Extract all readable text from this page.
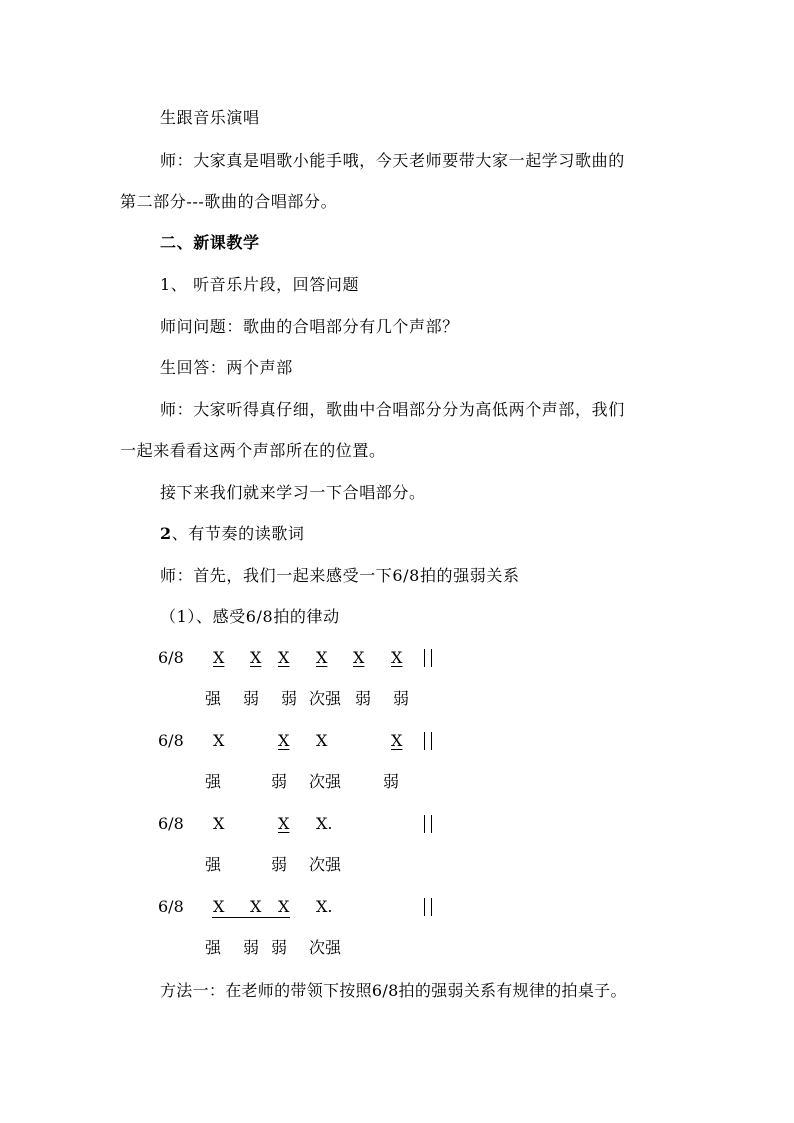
生跟音乐演唱
师：大家真是唱歌小能手哦，今天老师要带大家一起学习歌曲的
第二部分---歌曲的合唱部分。
二、新课教学
1、 听音乐片段，回答问题
师问问题：歌曲的合唱部分有几个声部？
生回答：两个声部
师：大家听得真仔细，歌曲中合唱部分分为高低两个声部，我们
一起来看看这两个声部所在的位置。
接下来我们就来学习一下合唱部分。
2、有节奏的读歌词
师：首先，我们一起来感受一下6/8拍的强弱关系
（1）、感受6/8拍的律动
6/8 X X X X X X
强 弱 弱 次强 弱 弱
6/8 X	X X	X
强	弱 次强	弱
6/8 X	X X.
强	弱 次强
6/8 X X X X.
强 弱 弱 次强
方法一：在老师的带领下按照6/8拍的强弱关系有规律的拍桌子。
